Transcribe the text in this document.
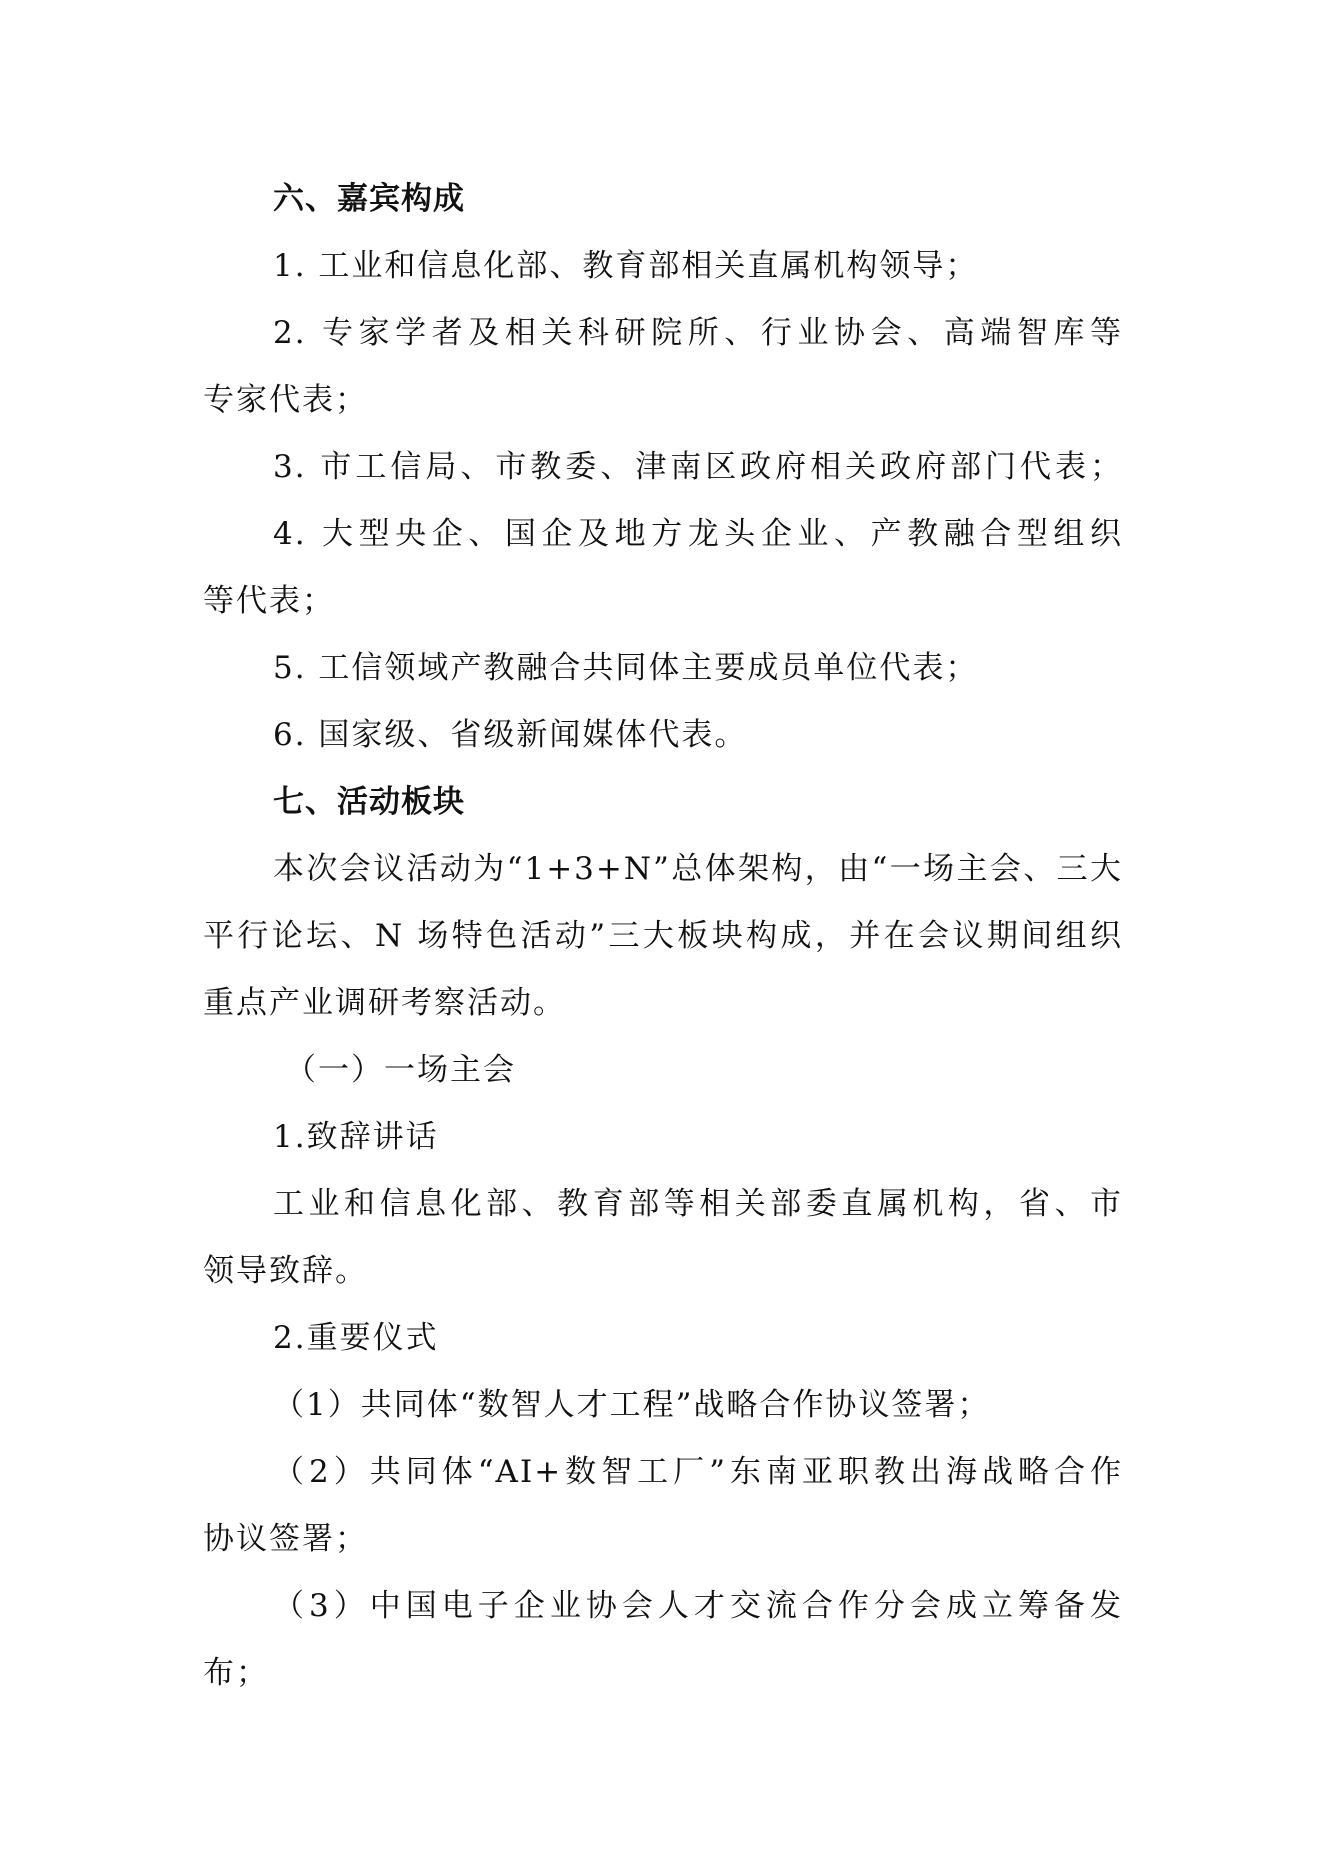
六、嘉宾构成
1. 工业和信息化部、教育部相关直属机构领导；
2. 专家学者及相关科研院所、行业协会、高端智库等
专家代表；
3. 市工信局、市教委、津南区政府相关政府部门代表；
4. 大型央企、国企及地方龙头企业、产教融合型组织
等代表；
5. 工信领域产教融合共同体主要成员单位代表；
6. 国家级、省级新闻媒体代表。
七、活动板块
本次会议活动为“1+3+N”总体架构，由“一场主会、三大
平行论坛、N 场特色活动”三大板块构成，并在会议期间组织
重点产业调研考察活动。
（一）一场主会
1.致辞讲话
工业和信息化部、教育部等相关部委直属机构，省、市
领导致辞。
2.重要仪式
（1）共同体“数智人才工程”战略合作协议签署；
（2）共同体“AI+数智工厂”东南亚职教出海战略合作
协议签署；
（3）中国电子企业协会人才交流合作分会成立筹备发
布；
